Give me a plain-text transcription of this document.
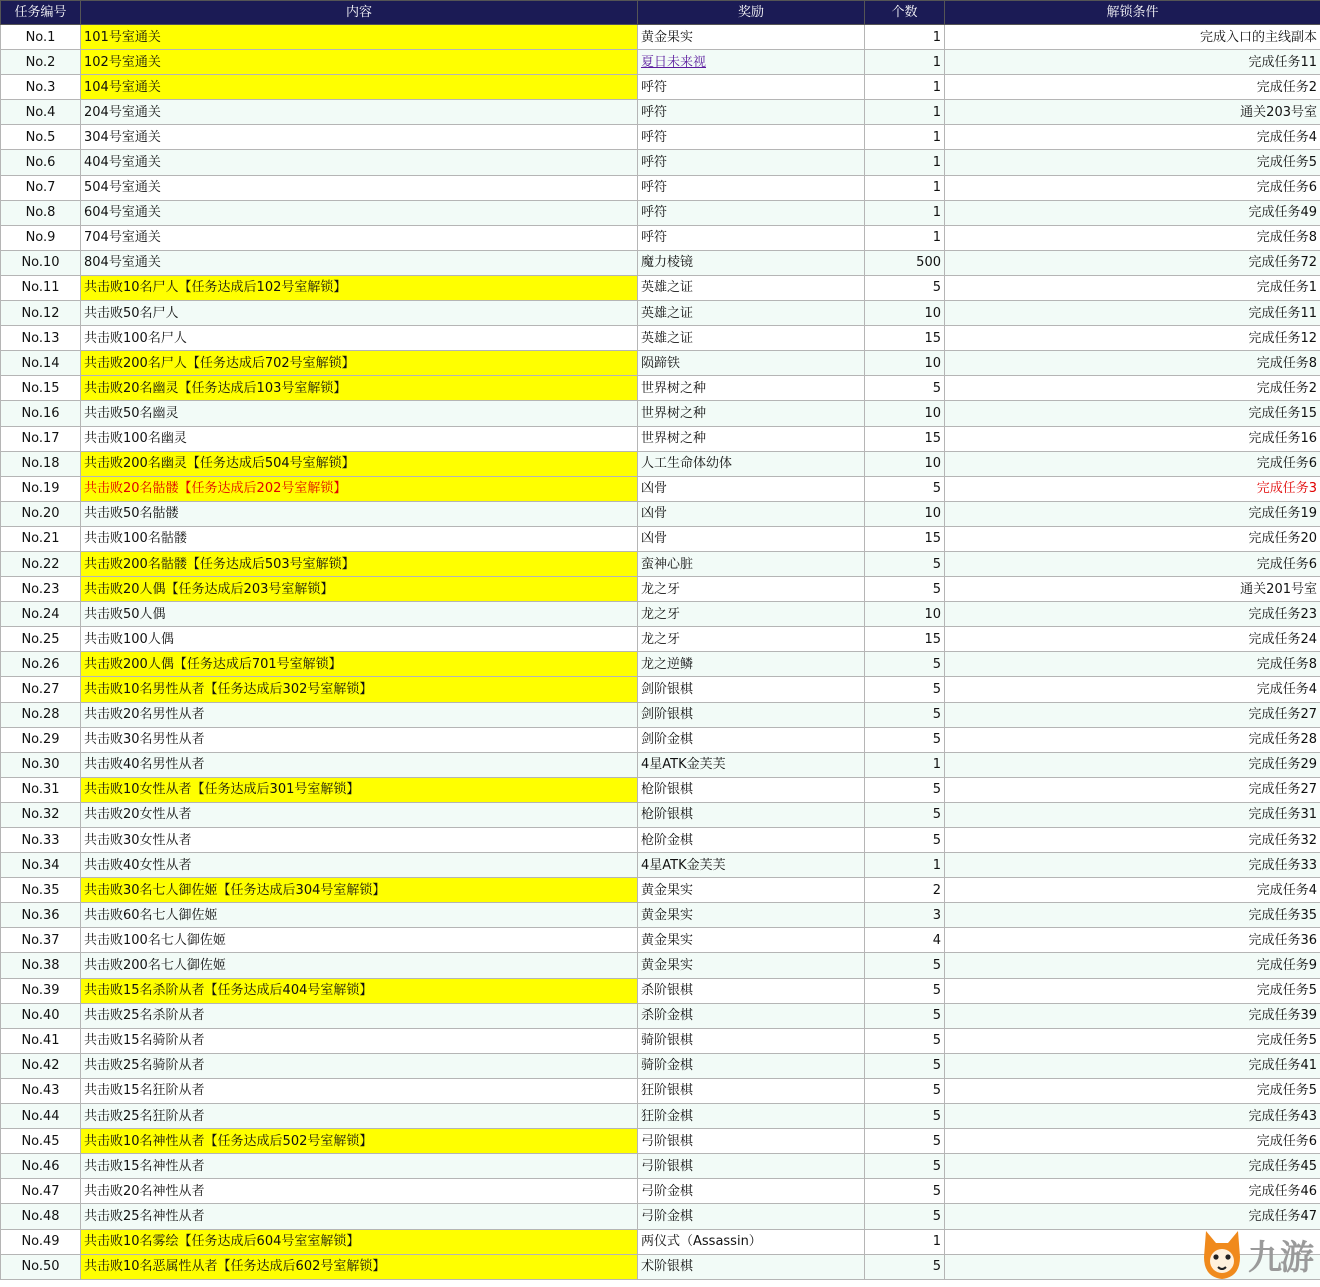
任务编号	内容	奖励	个数	解锁条件
No.1	101号室通关	黄金果实	1	完成入口的主线副本
No.2	102号室通关	夏日未来视	1	完成任务11
No.3	104号室通关	呼符	1	完成任务2
No.4	204号室通关	呼符	1	通关203号室
No.5	304号室通关	呼符	1	完成任务4
No.6	404号室通关	呼符	1	完成任务5
No.7	504号室通关	呼符	1	完成任务6
No.8	604号室通关	呼符	1	完成任务49
No.9	704号室通关	呼符	1	完成任务8
No.10	804号室通关	魔力棱镜	500	完成任务72
No.11	共击败10名尸人【任务达成后102号室解锁】	英雄之证	5	完成任务1
No.12	共击败50名尸人	英雄之证	10	完成任务11
No.13	共击败100名尸人	英雄之证	15	完成任务12
No.14	共击败200名尸人【任务达成后702号室解锁】	陨蹄铁	10	完成任务8
No.15	共击败20名幽灵【任务达成后103号室解锁】	世界树之种	5	完成任务2
No.16	共击败50名幽灵	世界树之种	10	完成任务15
No.17	共击败100名幽灵	世界树之种	15	完成任务16
No.18	共击败200名幽灵【任务达成后504号室解锁】	人工生命体幼体	10	完成任务6
No.19	共击败20名骷髅【任务达成后202号室解锁】	凶骨	5	完成任务3
No.20	共击败50名骷髅	凶骨	10	完成任务19
No.21	共击败100名骷髅	凶骨	15	完成任务20
No.22	共击败200名骷髅【任务达成后503号室解锁】	蛮神心脏	5	完成任务6
No.23	共击败20人偶【任务达成后203号室解锁】	龙之牙	5	通关201号室
No.24	共击败50人偶	龙之牙	10	完成任务23
No.25	共击败100人偶	龙之牙	15	完成任务24
No.26	共击败200人偶【任务达成后701号室解锁】	龙之逆鳞	5	完成任务8
No.27	共击败10名男性从者【任务达成后302号室解锁】	剑阶银棋	5	完成任务4
No.28	共击败20名男性从者	剑阶银棋	5	完成任务27
No.29	共击败30名男性从者	剑阶金棋	5	完成任务28
No.30	共击败40名男性从者	4星ATK金芙芙	1	完成任务29
No.31	共击败10女性从者【任务达成后301号室解锁】	枪阶银棋	5	完成任务27
No.32	共击败20女性从者	枪阶银棋	5	完成任务31
No.33	共击败30女性从者	枪阶金棋	5	完成任务32
No.34	共击败40女性从者	4星ATK金芙芙	1	完成任务33
No.35	共击败30名七人御佐姬【任务达成后304号室解锁】	黄金果实	2	完成任务4
No.36	共击败60名七人御佐姬	黄金果实	3	完成任务35
No.37	共击败100名七人御佐姬	黄金果实	4	完成任务36
No.38	共击败200名七人御佐姬	黄金果实	5	完成任务9
No.39	共击败15名杀阶从者【任务达成后404号室解锁】	杀阶银棋	5	完成任务5
No.40	共击败25名杀阶从者	杀阶金棋	5	完成任务39
No.41	共击败15名骑阶从者	骑阶银棋	5	完成任务5
No.42	共击败25名骑阶从者	骑阶金棋	5	完成任务41
No.43	共击败15名狂阶从者	狂阶银棋	5	完成任务5
No.44	共击败25名狂阶从者	狂阶金棋	5	完成任务43
No.45	共击败10名神性从者【任务达成后502号室解锁】	弓阶银棋	5	完成任务6
No.46	共击败15名神性从者	弓阶银棋	5	完成任务45
No.47	共击败20名神性从者	弓阶金棋	5	完成任务46
No.48	共击败25名神性从者	弓阶金棋	5	完成任务47
No.49	共击败10名雾绘【任务达成后604号室室解锁】	两仪式（Assassin）	1	
No.50	共击败10名恶属性从者【任务达成后602号室解锁】	术阶银棋	5		九游
